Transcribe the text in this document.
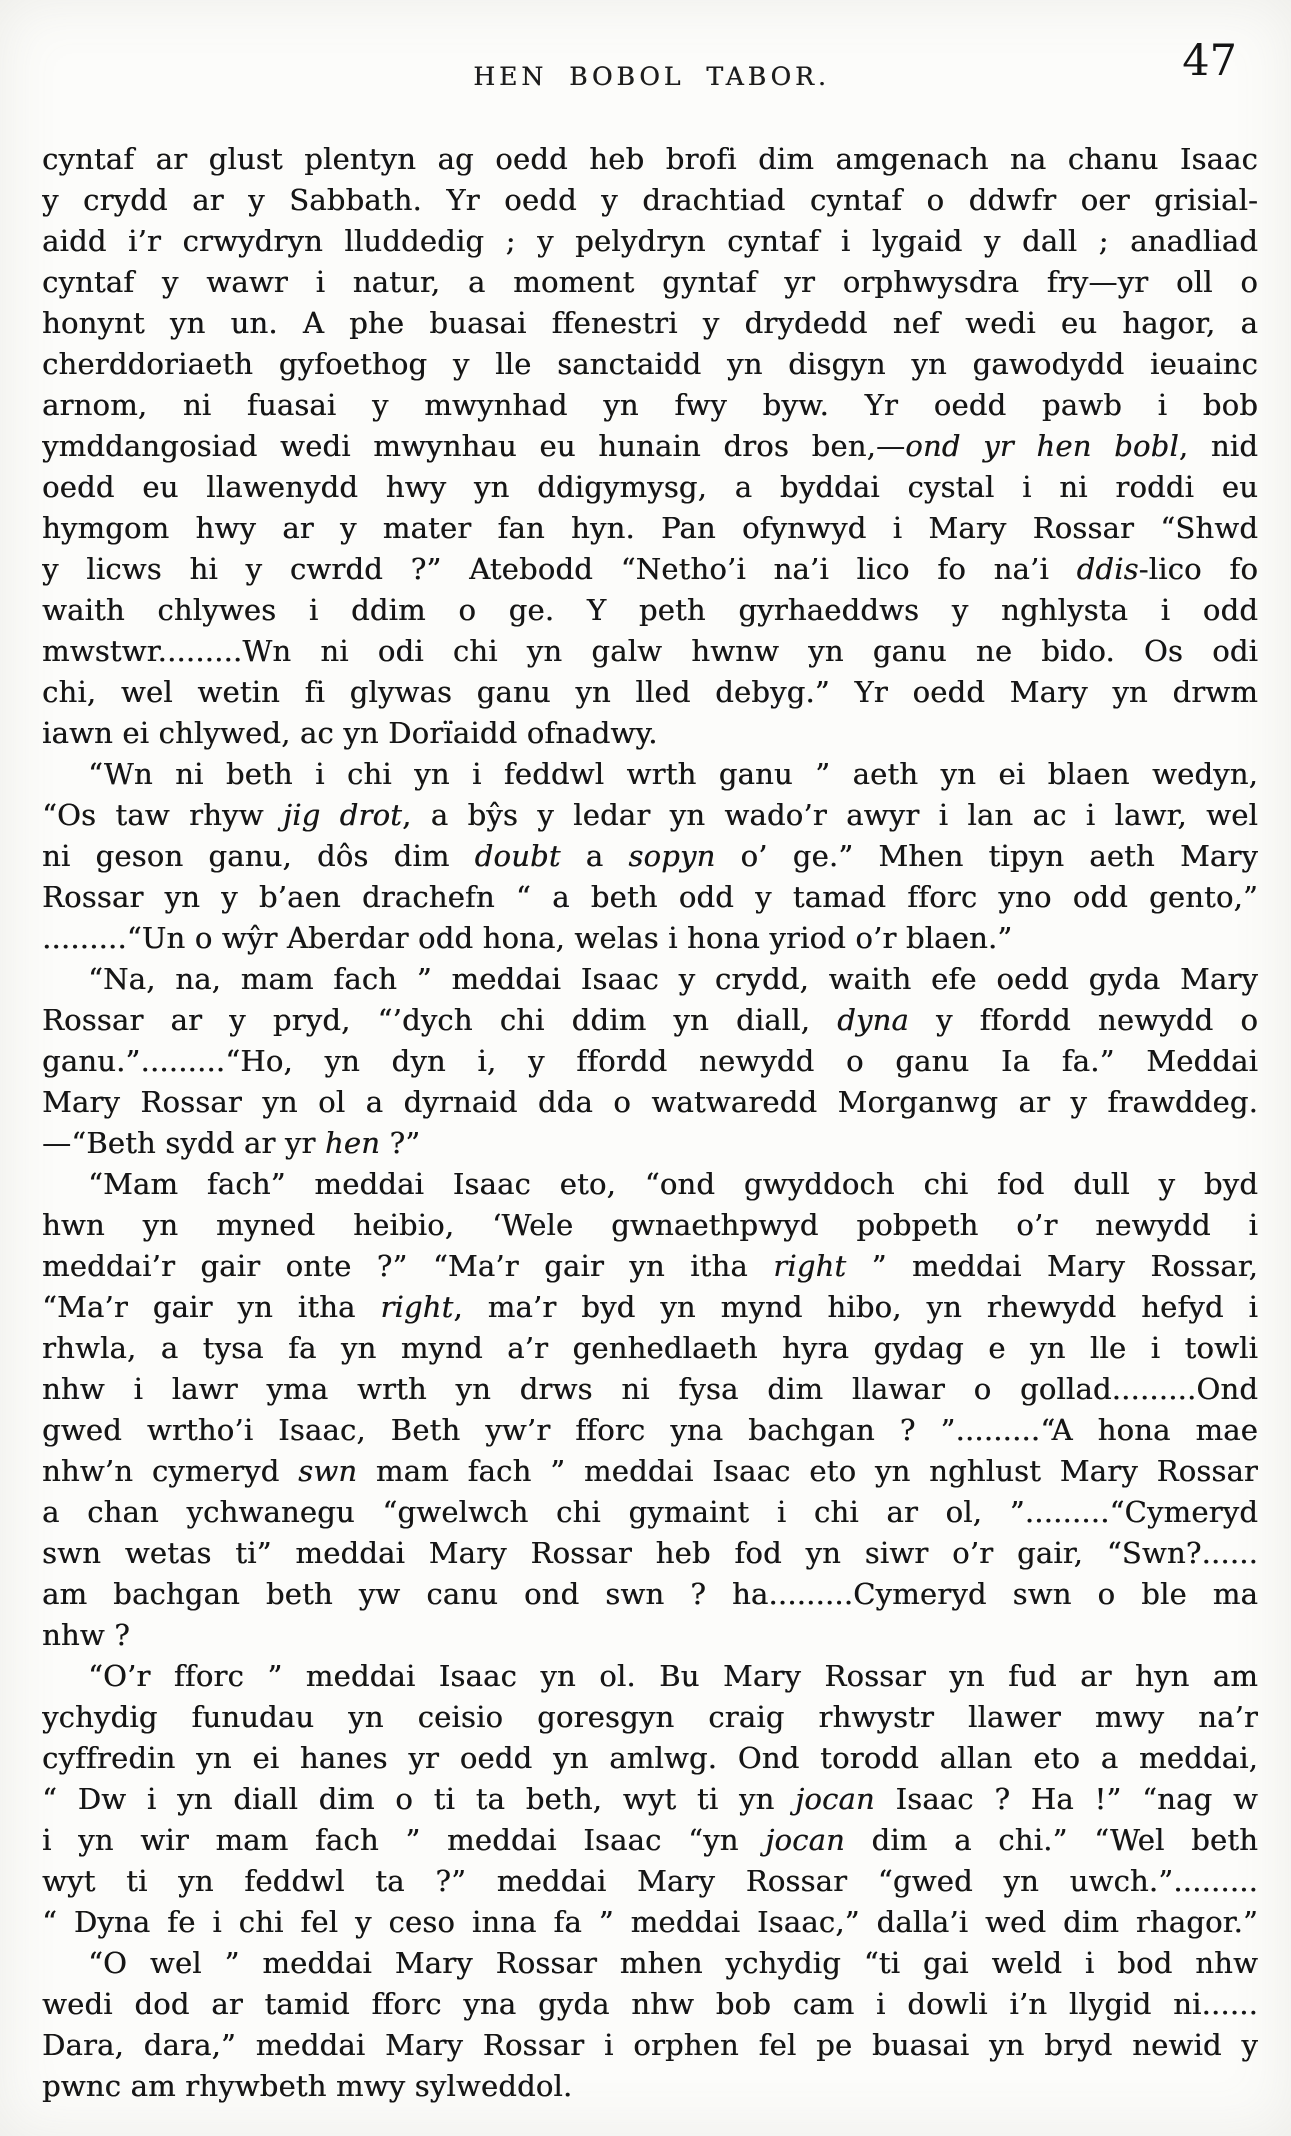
HEN BOBOL TABOR.	47
cyntaf ar glust plentyn ag oedd heb brofi dim amgenach na chanu Isaac
y crydd ar y Sabbath. Yr oedd y drachtiad cyntaf o ddwfr oer grisial-
aidd i’r crwydryn lluddedig ; y pelydryn cyntaf i lygaid y dall ; anadliad
cyntaf y wawr i natur, a moment gyntaf yr orphwysdra fry—yr oll o
honynt yn un. A phe buasai ffenestri y drydedd nef wedi eu hagor, a
cherddoriaeth gyfoethog y lle sanctaidd yn disgyn yn gawodydd ieuainc
arnom, ni fuasai y mwynhad yn fwy byw. Yr oedd pawb i bob
ymddangosiad wedi mwynhau eu hunain dros ben,—ond yr hen bobl, nid
oedd eu llawenydd hwy yn ddigymysg, a byddai cystal i ni roddi eu
hymgom hwy ar y mater fan hyn. Pan ofynwyd i Mary Rossar “Shwd
y licws hi y cwrdd ?” Atebodd “Netho’i na’i lico fo na’i ddis-lico fo
waith chlywes i ddim o ge. Y peth gyrhaeddws y nghlysta i odd
mwstwr.........Wn ni odi chi yn galw hwnw yn ganu ne bido. Os odi
chi, wel wetin fi glywas ganu yn lled debyg.” Yr oedd Mary yn drwm
iawn ei chlywed, ac yn Dorïaidd ofnadwy.
“Wn ni beth i chi yn i feddwl wrth ganu ” aeth yn ei blaen wedyn,
“Os taw rhyw jig drot, a bŷs y ledar yn wado’r awyr i lan ac i lawr, wel
ni geson ganu, dôs dim doubt a sopyn o’ ge.” Mhen tipyn aeth Mary
Rossar yn y b’aen drachefn “ a beth odd y tamad fforc yno odd gento,”
.........“Un o wŷr Aberdar odd hona, welas i hona yriod o’r blaen.”
“Na, na, mam fach ” meddai Isaac y crydd, waith efe oedd gyda Mary
Rossar ar y pryd, “’dych chi ddim yn diall, dyna y ffordd newydd o
ganu.”.........“Ho, yn dyn i, y ffordd newydd o ganu Ia fa.” Meddai
Mary Rossar yn ol a dyrnaid dda o watwaredd Morganwg ar y frawddeg.
—“Beth sydd ar yr hen ?”
“Mam fach” meddai Isaac eto, “ond gwyddoch chi fod dull y byd
hwn yn myned heibio, ‘Wele gwnaethpwyd pobpeth o’r newydd i
meddai’r gair onte ?” “Ma’r gair yn itha right ” meddai Mary Rossar,
“Ma’r gair yn itha right, ma’r byd yn mynd hibo, yn rhewydd hefyd i
rhwla, a tysa fa yn mynd a’r genhedlaeth hyra gydag e yn lle i towli
nhw i lawr yma wrth yn drws ni fysa dim llawar o gollad.........Ond
gwed wrtho’i Isaac, Beth yw’r fforc yna bachgan ? ”.........“A hona mae
nhw’n cymeryd swn mam fach ” meddai Isaac eto yn nghlust Mary Rossar
a chan ychwanegu “gwelwch chi gymaint i chi ar ol, ”.........“Cymeryd
swn wetas ti” meddai Mary Rossar heb fod yn siwr o’r gair, “Swn?......
am bachgan beth yw canu ond swn ? ha.........Cymeryd swn o ble ma
nhw ?
“O’r fforc ” meddai Isaac yn ol. Bu Mary Rossar yn fud ar hyn am
ychydig funudau yn ceisio goresgyn craig rhwystr llawer mwy na’r
cyffredin yn ei hanes yr oedd yn amlwg. Ond torodd allan eto a meddai,
“ Dw i yn diall dim o ti ta beth, wyt ti yn jocan Isaac ? Ha !” “nag w
i yn wir mam fach ” meddai Isaac “yn jocan dim a chi.” “Wel beth
wyt ti yn feddwl ta ?” meddai Mary Rossar “gwed yn uwch.”.........
“ Dyna fe i chi fel y ceso inna fa ” meddai Isaac,” dalla’i wed dim rhagor.”
“O wel ” meddai Mary Rossar mhen ychydig “ti gai weld i bod nhw
wedi dod ar tamid fforc yna gyda nhw bob cam i dowli i’n llygid ni......
Dara, dara,” meddai Mary Rossar i orphen fel pe buasai yn bryd newid y
pwnc am rhywbeth mwy sylweddol.
